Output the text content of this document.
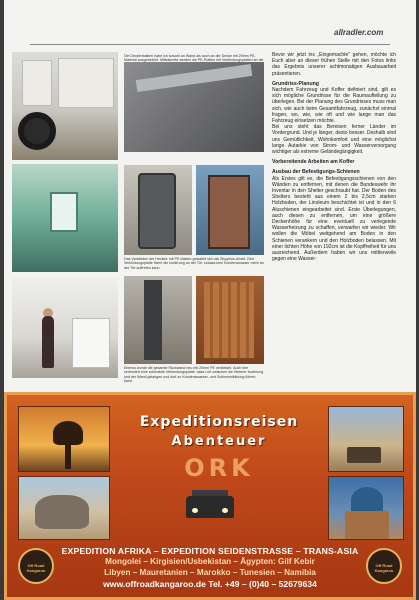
allradler.com
Die Deckenbalken habe ich sowohl an Wand als auch an der Decke mit 20mm PE-Material ausgeeinklet. Mittelstreite werden die PE-Platten mit Verbindungsplatten an die
Das Verkleiden der Hecktür mit PE-Matten gestaltet sich als Sisyphus-Arbeit. Eine Verbindungsplatte fixiert die Isolierung an der Tür, sodass kein Kondenswasser mehr an der Tür auftreten kann.
Ebenso wurde die gesamte Rückwand neu mit 20mm PE verkleidet. Auch hier verhindert eine schmalste Verbindungsplatte, dass Luft zwischen die Hinterer Isolierung und der Wand gelangen und dort zu Kondenswasser- und Schimmelbildung führen kann.

Bevor wir jetzt ins „Eingemachte" gehen, möchte ich Euch aber an dieser frühen Stelle mit den Fotos links das Ergebnis unserer achtmonatigen Ausbauarbeit präsentieren.

Grundriss-Planung

Nachdem Fahrzeug und Koffer definiert sind, gilt es sich mögliche Grundrisse für die Raumaufteilung zu überlegen. Bei der Planung des Grundrisses muss man sich, wie auch beim Gesamtfahrzeug, zunächst einmal fragen, wo, wie, wie oft und wie lange man das Fahrzeug einsetzen möchte.

Bei uns steht das Bereisen ferner Länder im Vordergrund. Und je länger, desto besser. Deshalb sind uns Gemütlichkeit, Wohnkomfort und eine möglichst lange Autarkie von Strom- und Wasserversorgung wichtiger als extreme Geländegängigkeit.

Vorbereitende Arbeiten am Koffer
Ausbau der Befestigungs-Schienen

Als Erstes gilt es, die Befestigungsschienen von den Wänden zu entfernen, mit denen die Bundeswehr ihr Inventar in den Shelter geschraubt hat. Der Boden des Shelters besteht aus einem 2 bis 2,5cm starken Holzboden, der Linoleum beschichtet ist und in den 6 Aluschienen eingearbeitet sind. Erste Überlegungen, auch diesen zu entfernen, um eine größere Deckenhöhe für eine eventuell zu verlegende Wasserheizung zu schaffen, verwarfen wir wieder. Wir wollen die Möbel weitgehend am Boden in den Schienen verankern und den Holzboden belassen. Mit einer lichten Höhe von 192cm ist die Kopffreiheit für uns ausreichend. Außerdem haben wir uns mittlerweile gegen eine Wasser-

Expeditionsreisen
Abenteuer
ORK
Off Road Kangaroo
Off Road Kangaroo
EXPEDITION AFRIKA – EXPEDITION SEIDENSTRASSE – TRANS-ASIA
Mongolei – Kirgisien/Usbekistan – Ägypten: Gilf Kebir
Libyen – Mauretanien – Marokko – Tunesien – Namibia
www.offroadkangaroo.de Tel. +49 – (0)40 – 52679634
